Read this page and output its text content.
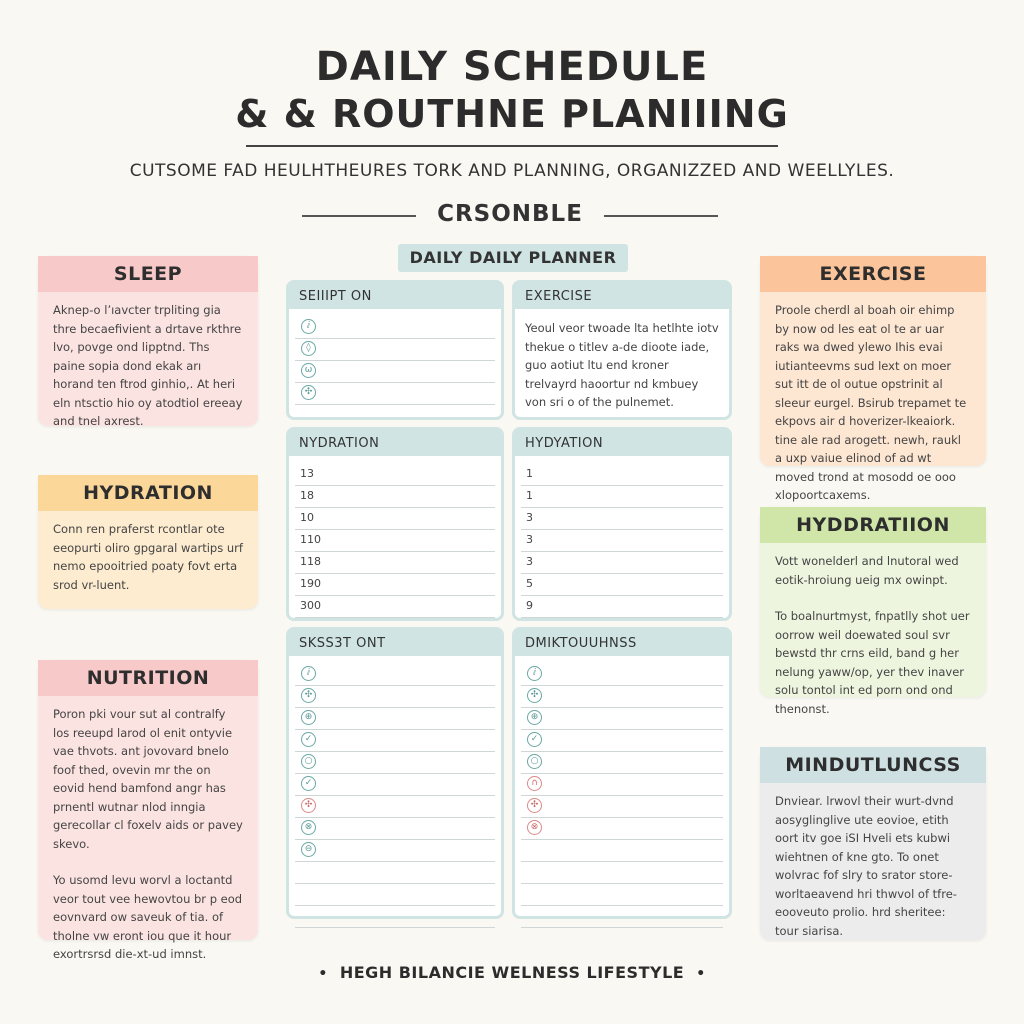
DAILY SCHEDULE
& & ROUTHNE PLANIIING
CUTSOME FAD HEULHTHEURES TORK AND PLANNING, ORGANIZZED AND WEELLYLES.
CRSONBLE
SLEEP

Aknep-o lʼıavcter trpliting gia thre becaefivient a drtave rkthre lvo, povge ond lipptnd. Ths paine sopia dond ekak arı horand ten ftrod ginhio,. At heri eln ntsctio hio oy atodtiol ereeay and tnel axrest.

HYDRATION

Conn ren praferst rcontlar ote eeopurti oliro gpgaral wartips urf nemo epooitried poaty fovt erta srod vr-luent.

NUTRITION

Poron pki vour sut al contralfy los reeupd larod ol enit ontyvie vae thvots. ant jovovard bnelo foof thed, ovevin mr the on eovid hend bamfond angr has prnentl wutnar nlod inngia gerecollar cl foxelv aids or pavey skevo.

Yo usomd levu worvl a loctantd veor tout vee hewovtou br p eod eovnvard ow saveuk of tia. of tholne vw eront iou que it hour exortrsrsd die-xt-ud imnst.

EXERCISE

Proole cherdl al boah oir ehimp by now od les eat ol te ar uar raks wa dwed ylewo Ihis evai iutianteevms sud lext on moer sut itt de ol outue opstrinit al sleeur eurgel. Bsirub trepamet te ekpovs air d hoverizer-lkeaiork. tine ale rad arogett. newh, raukl a uxp vaiue elinod of ad wt moved trond at mosodd oe ooo xlopoortcaxems.

HYDDRATIION

Vott wonelderl and lnutoral wed eotik-hroiung ueig mx owinpt.

To boalnurtmyst, fnpatlly shot uer oorrow weil doewated soul svr bewstd thr crns eild, band g her nelung yaww/op, yer thev inaver solu tontol int ed porn ond ond thenonst.

MINDUTLUNCSS

Dnviear. lrwovl their wurt-dvnd aosyglinglive ute eovioe, etith oort itv goe iSI Hveli ets kubwi wiehtnen of kne gto. To onet wolvrac fof slry to srator store-worltaeavend hri thwvol of tfre-eooveuto prolio. hrd sheritee: tour siarisa.

DAILY DAILY PLANNER
SEIIIPT ON
ⅈ
◊
ω
✣
EXERCISE
Yeoul veor twoade lta hetlhte iotv thekue o titlev a-de dioote iade, guo aotiut ltu end kroner trelvayrd haoortur nd kmbuey von sri o of the pulnemet.
NYDRATION
13
18
10
110
118
190
300
HYDYATION
1
1
3
3
3
5
9
SKSS3T ONT
ⅈ
✣
⊕
✓
○
✓
✣
⊗
⊖
DMIKTOUUHNSS
ⅈ
✣
⊕
✓
○
∩
✣
⊗
• HEGH BILANCIE WELNESS LIFESTYLE •
